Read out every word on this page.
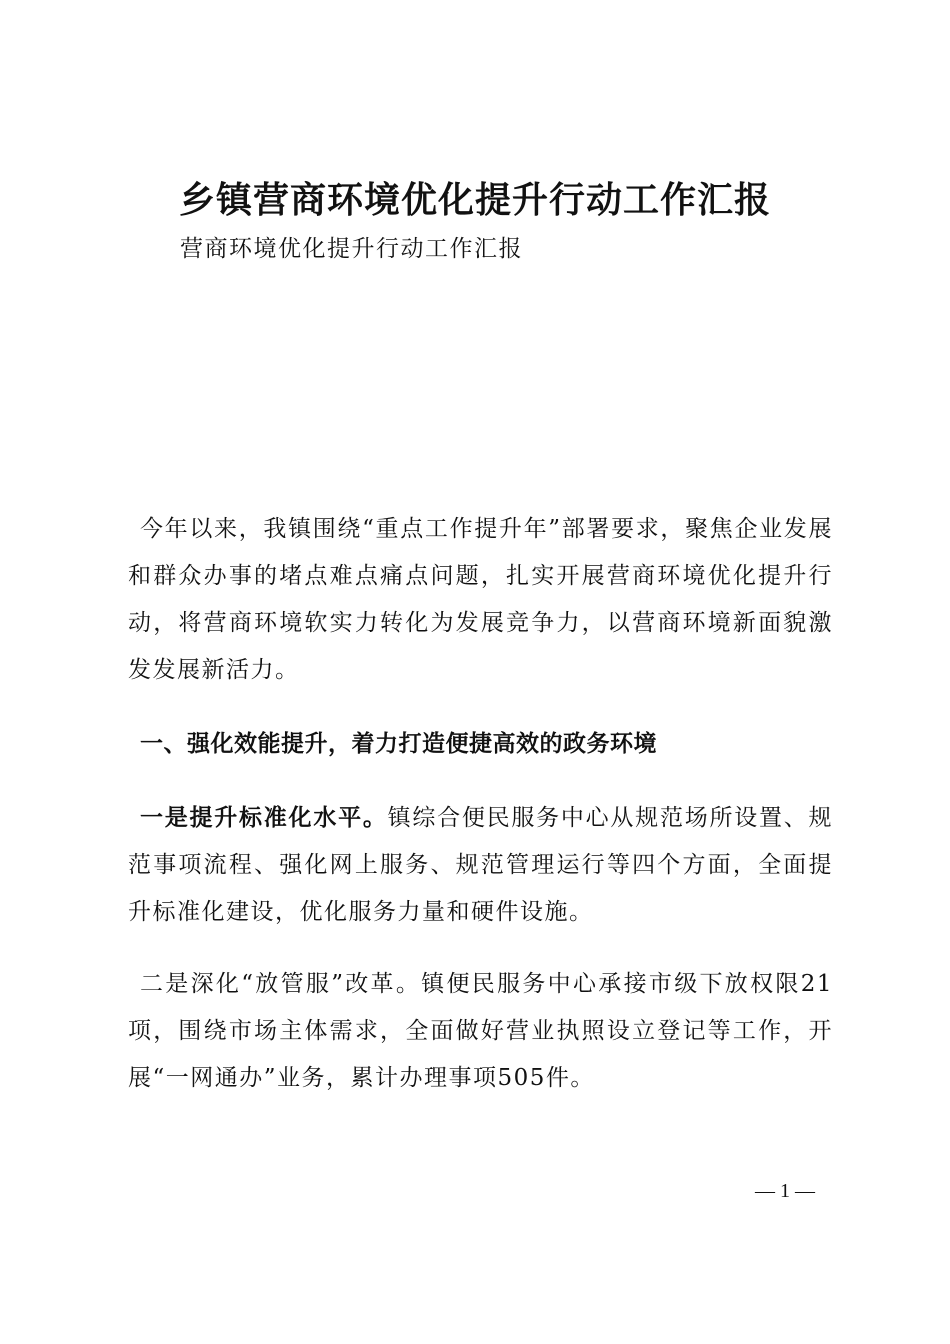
乡镇营商环境优化提升行动工作汇报
营商环境优化提升行动工作汇报
今年以来，我镇围绕“重点工作提升年”部署要求，聚焦企业发展和群众办事的堵点难点痛点问题，扎实开展营商环境优化提升行动，将营商环境软实力转化为发展竞争力，以营商环境新面貌激发发展新活力。
一、强化效能提升，着力打造便捷高效的政务环境
一是提升标准化水平。镇综合便民服务中心从规范场所设置、规范事项流程、强化网上服务、规范管理运行等四个方面，全面提升标准化建设，优化服务力量和硬件设施。
二是深化“放管服”改革。镇便民服务中心承接市级下放权限21项，围绕市场主体需求，全面做好营业执照设立登记等工作，开展“一网通办”业务，累计办理事项505件。
— 1 —
